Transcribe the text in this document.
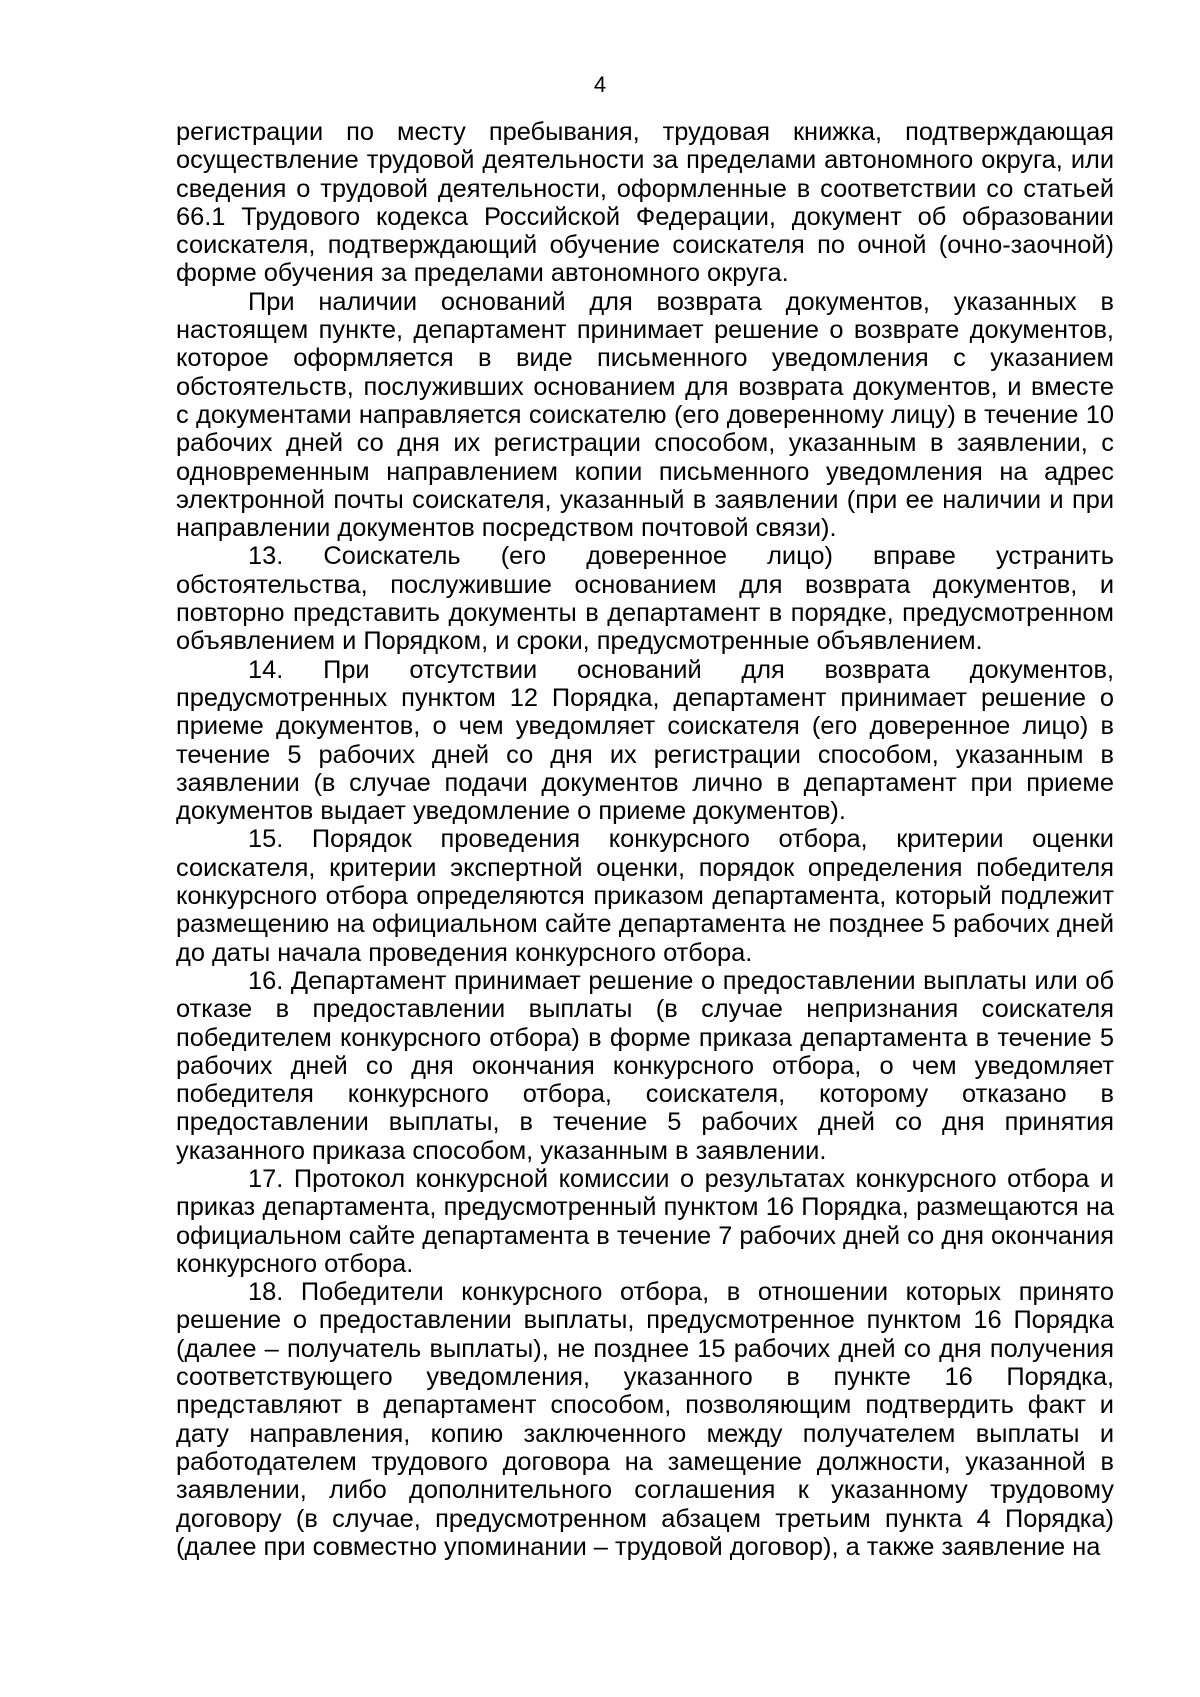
4

регистрации по месту пребывания, трудовая книжка, подтверждающая осуществление трудовой деятельности за пределами автономного округа, или сведения о трудовой деятельности, оформленные в соответствии со статьей 66.1 Трудового кодекса Российской Федерации, документ об образовании соискателя, подтверждающий обучение соискателя по очной (очно-заочной) форме обучения за пределами автономного округа.

При наличии оснований для возврата документов, указанных в настоящем пункте, департамент принимает решение о возврате документов, которое оформляется в виде письменного уведомления с указанием обстоятельств, послуживших основанием для возврата документов, и вместе с документами направляется соискателю (его доверенному лицу) в течение 10 рабочих дней со дня их регистрации способом, указанным в заявлении, с одновременным направлением копии письменного уведомления на адрес электронной почты соискателя, указанный в заявлении (при ее наличии и при направлении документов посредством почтовой связи).

13. Соискатель (его доверенное лицо) вправе устранить обстоятельства, послужившие основанием для возврата документов, и повторно представить документы в департамент в порядке, предусмотренном объявлением и Порядком, и сроки, предусмотренные объявлением.

14. При отсутствии оснований для возврата документов, предусмотренных пунктом 12 Порядка, департамент принимает решение о приеме документов, о чем уведомляет соискателя (его доверенное лицо) в течение 5 рабочих дней со дня их регистрации способом, указанным в заявлении (в случае подачи документов лично в департамент при приеме документов выдает уведомление о приеме документов).

15. Порядок проведения конкурсного отбора, критерии оценки соискателя, критерии экспертной оценки, порядок определения победителя конкурсного отбора определяются приказом департамента, который подлежит размещению на официальном сайте департамента не позднее 5 рабочих дней до даты начала проведения конкурсного отбора.

16. Департамент принимает решение о предоставлении выплаты или об отказе в предоставлении выплаты (в случае непризнания соискателя победителем конкурсного отбора) в форме приказа департамента в течение 5 рабочих дней со дня окончания конкурсного отбора, о чем уведомляет победителя конкурсного отбора, соискателя, которому отказано в предоставлении выплаты, в течение 5 рабочих дней со дня принятия указанного приказа способом, указанным в заявлении.

17. Протокол конкурсной комиссии о результатах конкурсного отбора и приказ департамента, предусмотренный пунктом 16 Порядка, размещаются на официальном сайте департамента в течение 7 рабочих дней со дня окончания конкурсного отбора.

18. Победители конкурсного отбора, в отношении которых принято решение о предоставлении выплаты, предусмотренное пунктом 16 Порядка (далее – получатель выплаты), не позднее 15 рабочих дней со дня получения соответствующего уведомления, указанного в пункте 16 Порядка, представляют в департамент способом, позволяющим подтвердить факт и дату направления, копию заключенного между получателем выплаты и работодателем трудового договора на замещение должности, указанной в заявлении, либо дополнительного соглашения к указанному трудовому договору (в случае, предусмотренном абзацем третьим пункта 4 Порядка) (далее при совместно упоминании – трудовой договор), а также заявление на
